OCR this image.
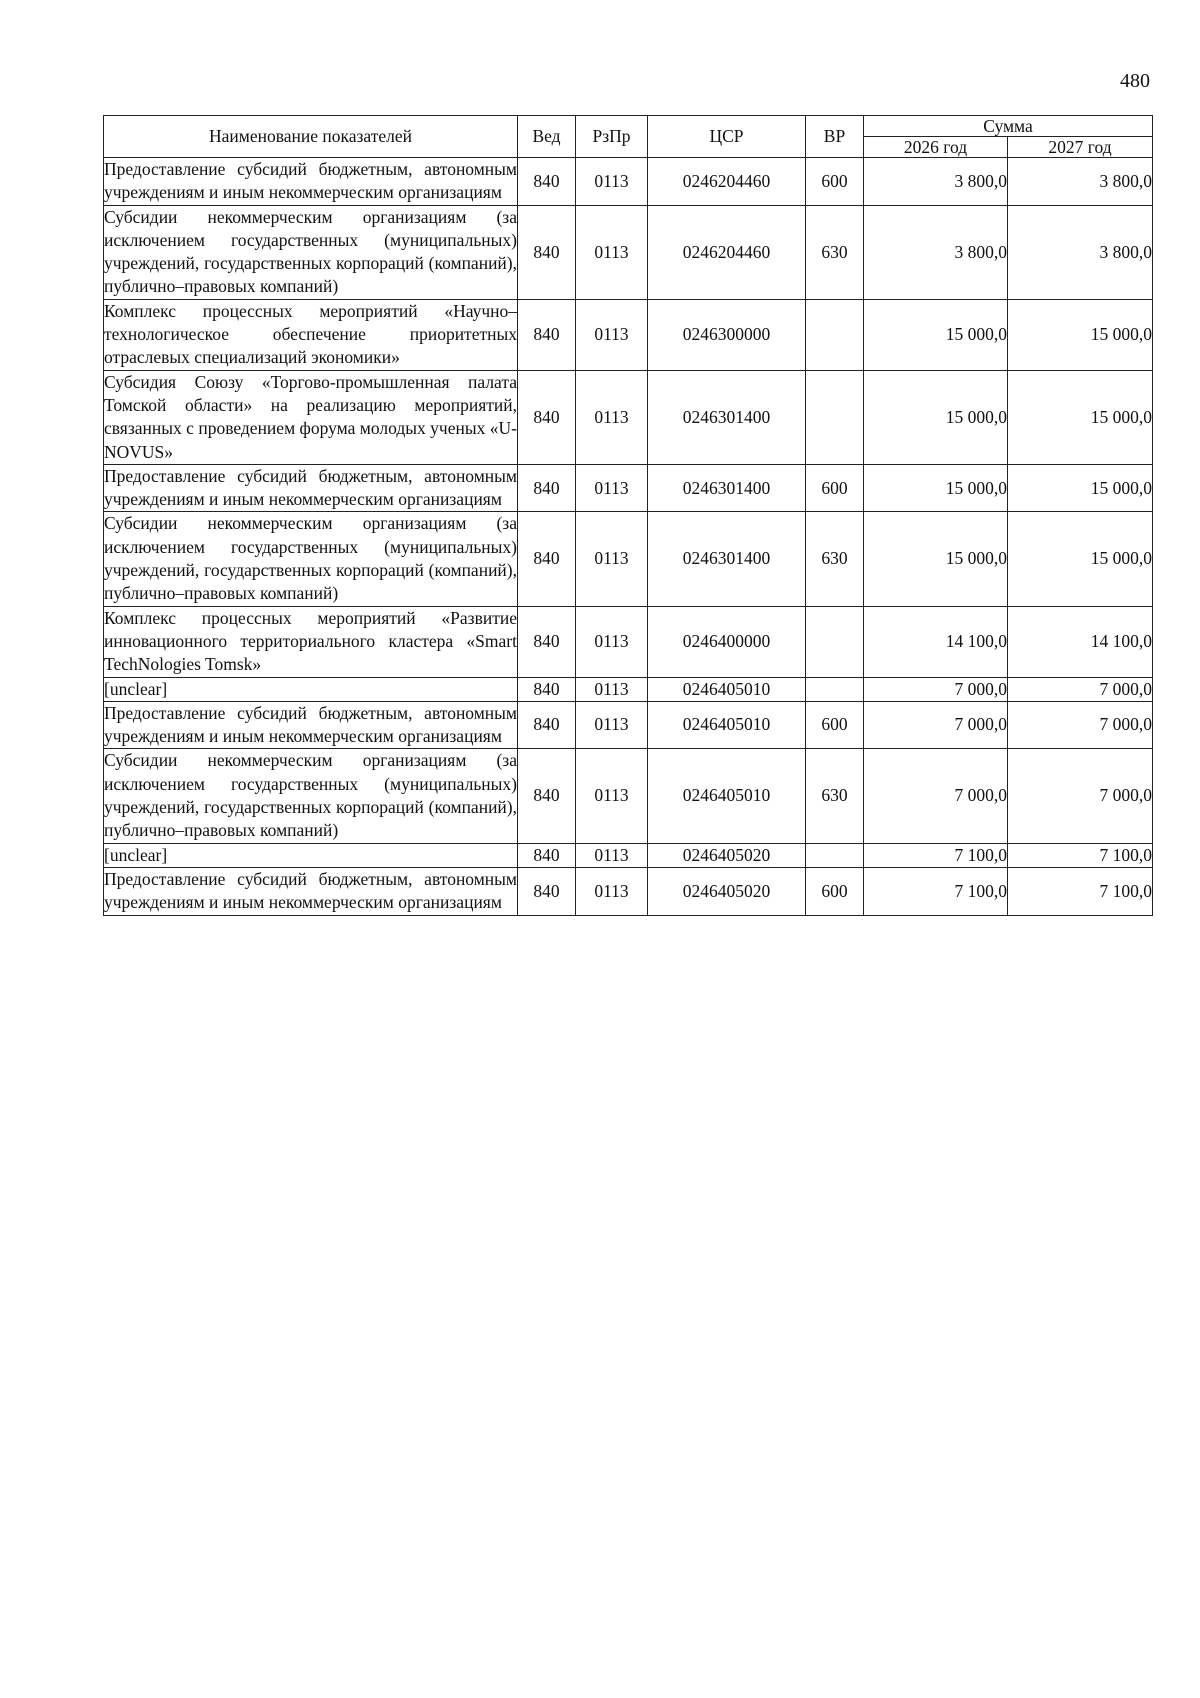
480
Наименование показателей	Вед	РзПр	ЦСР	ВР	Сумма	
					2026 год	2027 год
Предоставление субсидий бюджетным, автономным учреждениям и иным некоммерческим организациям	840	0113	0246204460	600	3 800,0	3 800,0
Субсидии некоммерческим организациям (за исключением государственных (муниципальных) учреждений, государственных корпораций (компаний), публично–правовых компаний)	840	0113	0246204460	630	3 800,0	3 800,0
Комплекс процессных мероприятий «Научно–технологическое обеспечение приоритетных отраслевых специализаций экономики»	840	0113	0246300000		15 000,0	15 000,0
Субсидия Союзу «Торгово-промышленная палата Томской области» на реализацию мероприятий, связанных с проведением форума молодых ученых «U-NOVUS»	840	0113	0246301400		15 000,0	15 000,0
Предоставление субсидий бюджетным, автономным учреждениям и иным некоммерческим организациям	840	0113	0246301400	600	15 000,0	15 000,0
Субсидии некоммерческим организациям (за исключением государственных (муниципальных) учреждений, государственных корпораций (компаний), публично–правовых компаний)	840	0113	0246301400	630	15 000,0	15 000,0
Комплекс процессных мероприятий «Развитие инновационного территориального кластера «Smart TechNologies Tomsk»	840	0113	0246400000		14 100,0	14 100,0
[unclear]	840	0113	0246405010		7 000,0	7 000,0
Предоставление субсидий бюджетным, автономным учреждениям и иным некоммерческим организациям	840	0113	0246405010	600	7 000,0	7 000,0
Субсидии некоммерческим организациям (за исключением государственных (муниципальных) учреждений, государственных корпораций (компаний), публично–правовых компаний)	840	0113	0246405010	630	7 000,0	7 000,0
[unclear]	840	0113	0246405020		7 100,0	7 100,0
Предоставление субсидий бюджетным, автономным учреждениям и иным некоммерческим организациям	840	0113	0246405020	600	7 100,0	7 100,0
